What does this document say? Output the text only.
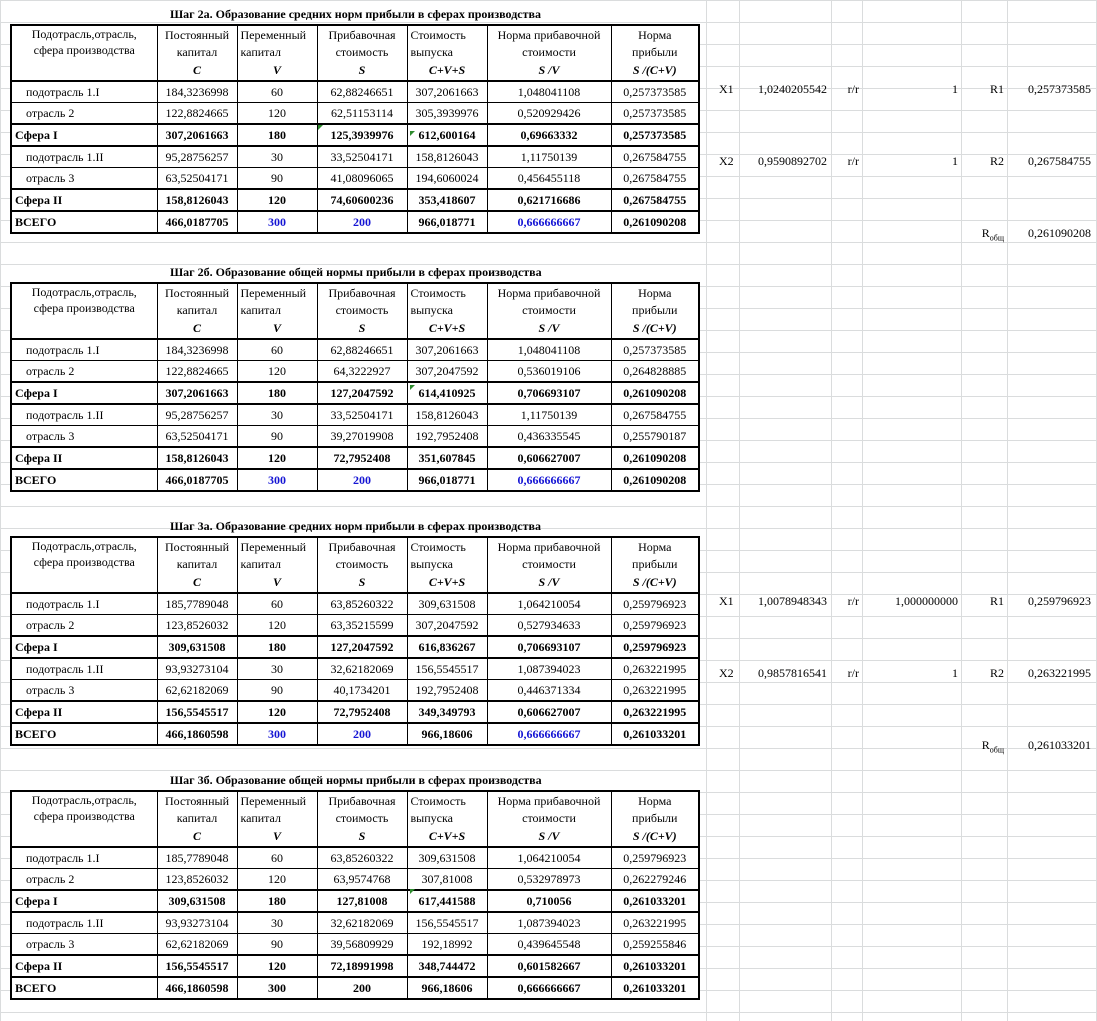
Шаг 2а. Образование средних норм прибыли в сферах производства
Подотрасль,отрасль,
сфера производства	Постоянный	Переменный	Прибавочная	Стоимость	Норма прибавочной	Норма
	капитал	капитал	стоимость	выпуска	стоимости	прибыли
	C	V	S	C+V+S	S /V	S /(C+V)
подотрасль 1.I	184,3236998	60	62,88246651	307,2061663	1,048041108	0,257373585
отрасль 2	122,8824665	120	62,51153114	305,3939976	0,520929426	0,257373585
Сфера I	307,2061663	180	125,3939976	612,600164	0,69663332	0,257373585
подотрасль 1.II	95,28756257	30	33,52504171	158,8126043	1,11750139	0,267584755
отрасль 3	63,52504171	90	41,08096065	194,6060024	0,456455118	0,267584755
Сфера II	158,8126043	120	74,60600236	353,418607	0,621716686	0,267584755
ВСЕГО	466,0187705	300	200	966,018771	0,666666667	0,261090208
X1	1,0240205542	r/r	1	R1	0,257373585
X2	0,9590892702	r/r	1	R2	0,267584755
$R_{общ}$	0,261090208
Шаг 2б. Образование общей нормы прибыли в сферах производства
Подотрасль,отрасль,
сфера производства	Постоянный	Переменный	Прибавочная	Стоимость	Норма прибавочной	Норма
	капитал	капитал	стоимость	выпуска	стоимости	прибыли
	C	V	S	C+V+S	S /V	S /(C+V)
подотрасль 1.I	184,3236998	60	62,88246651	307,2061663	1,048041108	0,257373585
отрасль 2	122,8824665	120	64,3222927	307,2047592	0,536019106	0,264828885
Сфера I	307,2061663	180	127,2047592	614,410925	0,706693107	0,261090208
подотрасль 1.II	95,28756257	30	33,52504171	158,8126043	1,11750139	0,267584755
отрасль 3	63,52504171	90	39,27019908	192,7952408	0,436335545	0,255790187
Сфера II	158,8126043	120	72,7952408	351,607845	0,606627007	0,261090208
ВСЕГО	466,0187705	300	200	966,018771	0,666666667	0,261090208
Шаг 3а. Образование средних норм прибыли в сферах производства
Подотрасль,отрасль,
сфера производства	Постоянный	Переменный	Прибавочная	Стоимость	Норма прибавочной	Норма
	капитал	капитал	стоимость	выпуска	стоимости	прибыли
	C	V	S	C+V+S	S /V	S /(C+V)
подотрасль 1.I	185,7789048	60	63,85260322	309,631508	1,064210054	0,259796923
отрасль 2	123,8526032	120	63,35215599	307,2047592	0,527934633	0,259796923
Сфера I	309,631508	180	127,2047592	616,836267	0,706693107	0,259796923
подотрасль 1.II	93,93273104	30	32,62182069	156,5545517	1,087394023	0,263221995
отрасль 3	62,62182069	90	40,1734201	192,7952408	0,446371334	0,263221995
Сфера II	156,5545517	120	72,7952408	349,349793	0,606627007	0,263221995
ВСЕГО	466,1860598	300	200	966,18606	0,666666667	0,261033201
X1	1,0078948343	r/r	1,000000000	R1	0,259796923
X2	0,9857816541	r/r	1	R2	0,263221995
$R_{общ}$	0,261033201
Шаг 3б. Образование общей нормы прибыли в сферах производства
Подотрасль,отрасль,
сфера производства	Постоянный	Переменный	Прибавочная	Стоимость	Норма прибавочной	Норма
	капитал	капитал	стоимость	выпуска	стоимости	прибыли
	C	V	S	C+V+S	S /V	S /(C+V)
подотрасль 1.I	185,7789048	60	63,85260322	309,631508	1,064210054	0,259796923
отрасль 2	123,8526032	120	63,9574768	307,81008	0,532978973	0,262279246
Сфера I	309,631508	180	127,81008	617,441588	0,710056	0,261033201
подотрасль 1.II	93,93273104	30	32,62182069	156,5545517	1,087394023	0,263221995
отрасль 3	62,62182069	90	39,56809929	192,18992	0,439645548	0,259255846
Сфера II	156,5545517	120	72,18991998	348,744472	0,601582667	0,261033201
ВСЕГО	466,1860598	300	200	966,18606	0,666666667	0,261033201
